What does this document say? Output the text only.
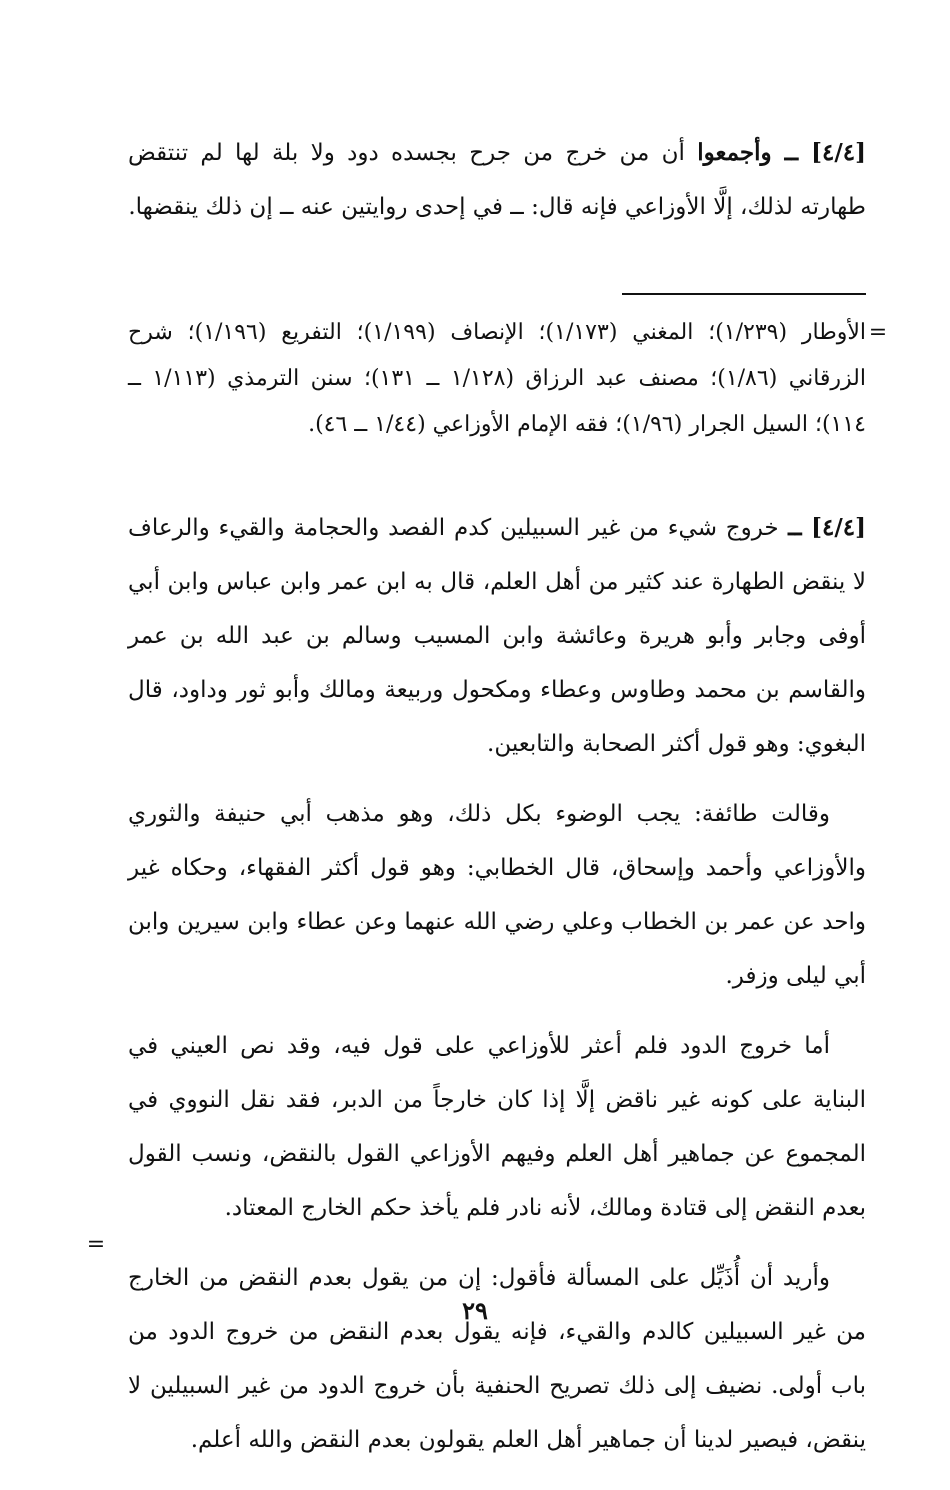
[٤/٤] ــ وأجمعوا أن من خرج من جرح بجسده دود ولا بلة لها لم تنتقض طهارته لذلك، إلَّا الأوزاعي فإنه قال: ــ في إحدى روايتين عنه ــ إن ذلك ينقضها.

=

الأوطار (١/٢٣٩)؛ المغني (١/١٧٣)؛ الإنصاف (١/١٩٩)؛ التفريع (١/١٩٦)؛ شرح الزرقاني (١/٨٦)؛ مصنف عبد الرزاق (١/١٢٨ ــ ١٣١)؛ سنن الترمذي (١/١١٣ ــ ١١٤)؛ السيل الجرار (١/٩٦)؛ فقه الإمام الأوزاعي (١/٤٤ ــ ٤٦).

[٤/٤] ــ خروج شيء من غير السبيلين كدم الفصد والحجامة والقيء والرعاف لا ينقض الطهارة عند كثير من أهل العلم، قال به ابن عمر وابن عباس وابن أبي أوفى وجابر وأبو هريرة وعائشة وابن المسيب وسالم بن عبد الله بن عمر والقاسم بن محمد وطاوس وعطاء ومكحول وربيعة ومالك وأبو ثور وداود، قال البغوي: وهو قول أكثر الصحابة والتابعين.

وقالت طائفة: يجب الوضوء بكل ذلك، وهو مذهب أبي حنيفة والثوري والأوزاعي وأحمد وإسحاق، قال الخطابي: وهو قول أكثر الفقهاء، وحكاه غير واحد عن عمر بن الخطاب وعلي رضي الله عنهما وعن عطاء وابن سيرين وابن أبي ليلى وزفر.

أما خروج الدود فلم أعثر للأوزاعي على قول فيه، وقد نص العيني في البناية على كونه غير ناقض إلَّا إذا كان خارجاً من الدبر، فقد نقل النووي في المجموع عن جماهير أهل العلم وفيهم الأوزاعي القول بالنقض، ونسب القول بعدم النقض إلى قتادة ومالك، لأنه نادر فلم يأخذ حكم الخارج المعتاد.

وأريد أن أُذَيِّل على المسألة فأقول: إن من يقول بعدم النقض من الخارج من غير السبيلين كالدم والقيء، فإنه يقول بعدم النقض من خروج الدود من باب أولى. نضيف إلى ذلك تصريح الحنفية بأن خروج الدود من غير السبيلين لا ينقض، فيصير لدينا أن جماهير أهل العلم يقولون بعدم النقض والله أعلم.

=
٢٩
